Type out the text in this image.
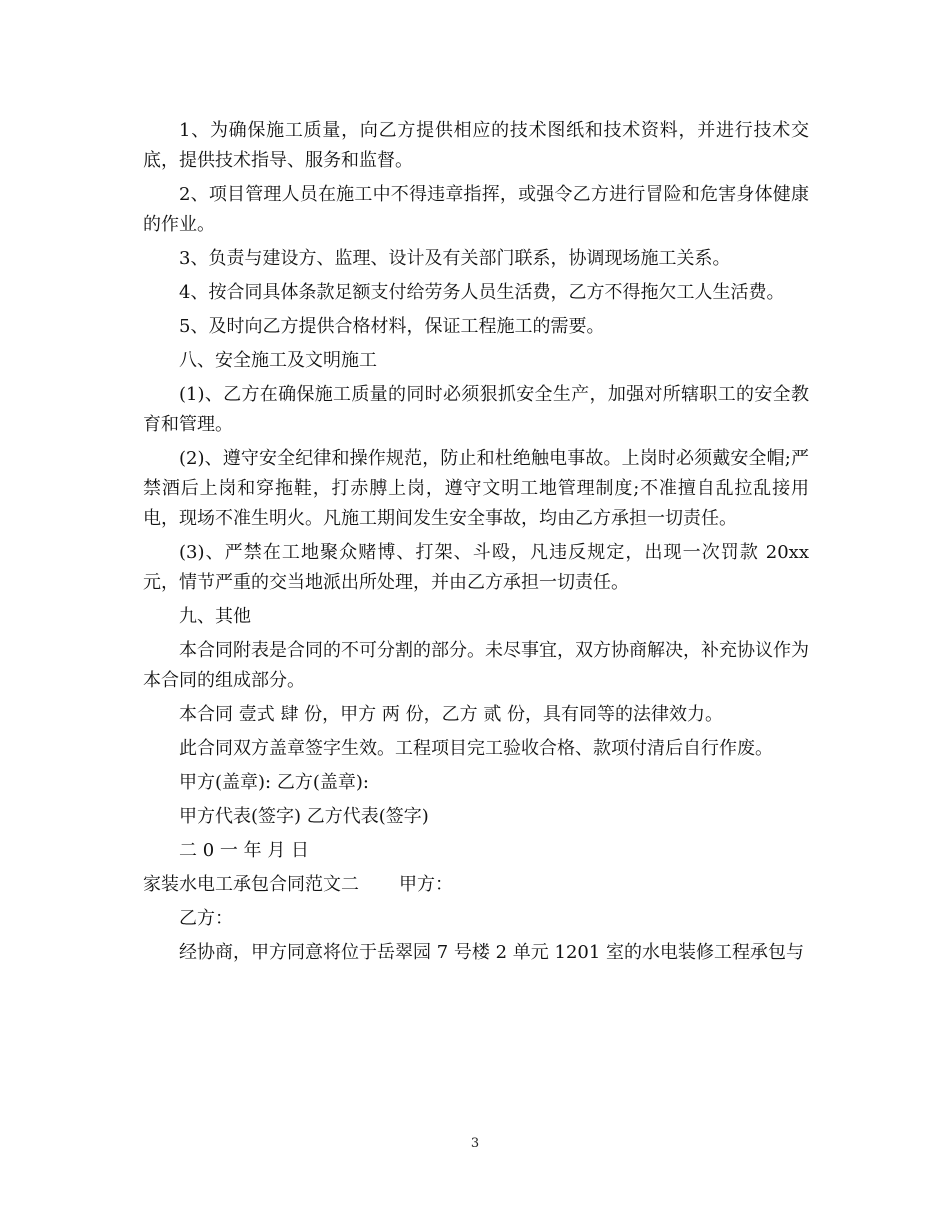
1、为确保施工质量，向乙方提供相应的技术图纸和技术资料，并进行技术交底，提供技术指导、服务和监督。

2、项目管理人员在施工中不得违章指挥，或强令乙方进行冒险和危害身体健康的作业。

3、负责与建设方、监理、设计及有关部门联系，协调现场施工关系。

4、按合同具体条款足额支付给劳务人员生活费，乙方不得拖欠工人生活费。

5、及时向乙方提供合格材料，保证工程施工的需要。

八、安全施工及文明施工

(1)、乙方在确保施工质量的同时必须狠抓安全生产，加强对所辖职工的安全教育和管理。

(2)、遵守安全纪律和操作规范，防止和杜绝触电事故。上岗时必须戴安全帽;严禁酒后上岗和穿拖鞋，打赤膊上岗，遵守文明工地管理制度;不准擅自乱拉乱接用电，现场不准生明火。凡施工期间发生安全事故，均由乙方承担一切责任。

(3)、严禁在工地聚众赌博、打架、斗殴，凡违反规定，出现一次罚款 20xx 元，情节严重的交当地派出所处理，并由乙方承担一切责任。

九、其他

本合同附表是合同的不可分割的部分。未尽事宜，双方协商解决，补充协议作为本合同的组成部分。

本合同 壹式 肆 份，甲方 两 份，乙方 贰 份，具有同等的法律效力。

此合同双方盖章签字生效。工程项目完工验收合格、款项付清后自行作废。

甲方(盖章): 乙方(盖章):

甲方代表(签字) 乙方代表(签字)

二 0 一 年 月 日

家装水电工承包合同范文二 甲方：

乙方：

经协商，甲方同意将位于岳翠园 7 号楼 2 单元 1201 室的水电装修工程承包与

3
